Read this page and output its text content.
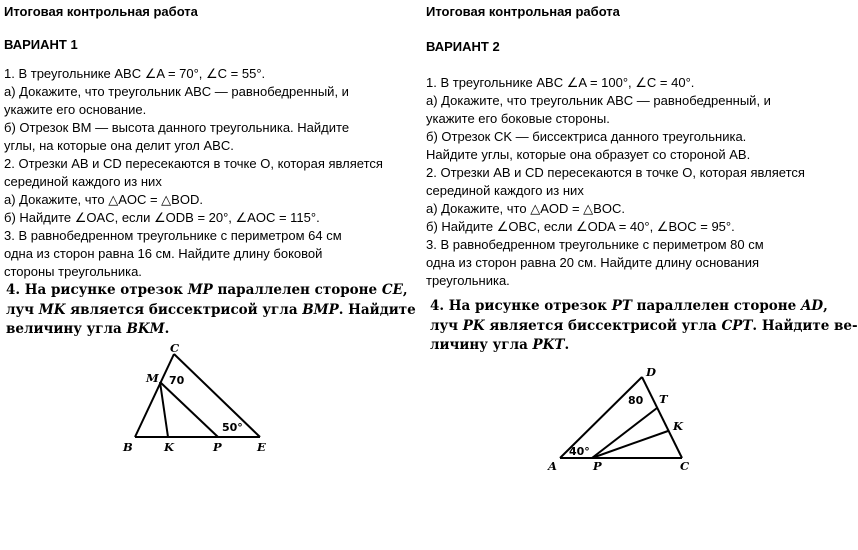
Итоговая контрольная работа
ВАРИАНТ 1
1. В треугольнике ABC ∠A = 70°, ∠C = 55°.
а) Докажите, что треугольник ABC — равнобедренный, и
укажите его основание.
б) Отрезок BM — высота данного треугольника. Найдите
углы, на которые она делит угол ABC.
2. Отрезки AB и CD пересекаются в точке O, которая является
серединой каждого из них
а) Докажите, что △AOC = △BOD.
б) Найдите ∠OAC, если ∠ODB = 20°, ∠AOC = 115°.
3. В равнобедренном треугольнике с периметром 64 см
одна из сторон равна 16 см. Найдите длину боковой
стороны треугольника.
4. На рисунке отрезок MP параллелен стороне CE,
луч MK является биссектрисой угла BMP. Найдите
величину угла BKM.
C
M 70
50°
B	K	P	E
Итоговая контрольная работа
ВАРИАНТ 2
1. В треугольнике ABC ∠A = 100°, ∠C = 40°.
а) Докажите, что треугольник ABC — равнобедренный, и
укажите его боковые стороны.
б) Отрезок CK — биссектриса данного треугольника.
Найдите углы, которые она образует со стороной AB.
2. Отрезки AB и CD пересекаются в точке O, которая является
серединой каждого из них
а) Докажите, что △AOD = △BOC.
б) Найдите ∠OBC, если ∠ODA = 40°, ∠BOC = 95°.
3. В равнобедренном треугольнике с периметром 80 см
одна из сторон равна 20 см. Найдите длину основания
треугольника.
4. На рисунке отрезок PT параллелен стороне AD,
луч PK является биссектрисой угла CPT. Найдите ве-
личину угла PKT.
D
80 T
K
40°
A	P	C
